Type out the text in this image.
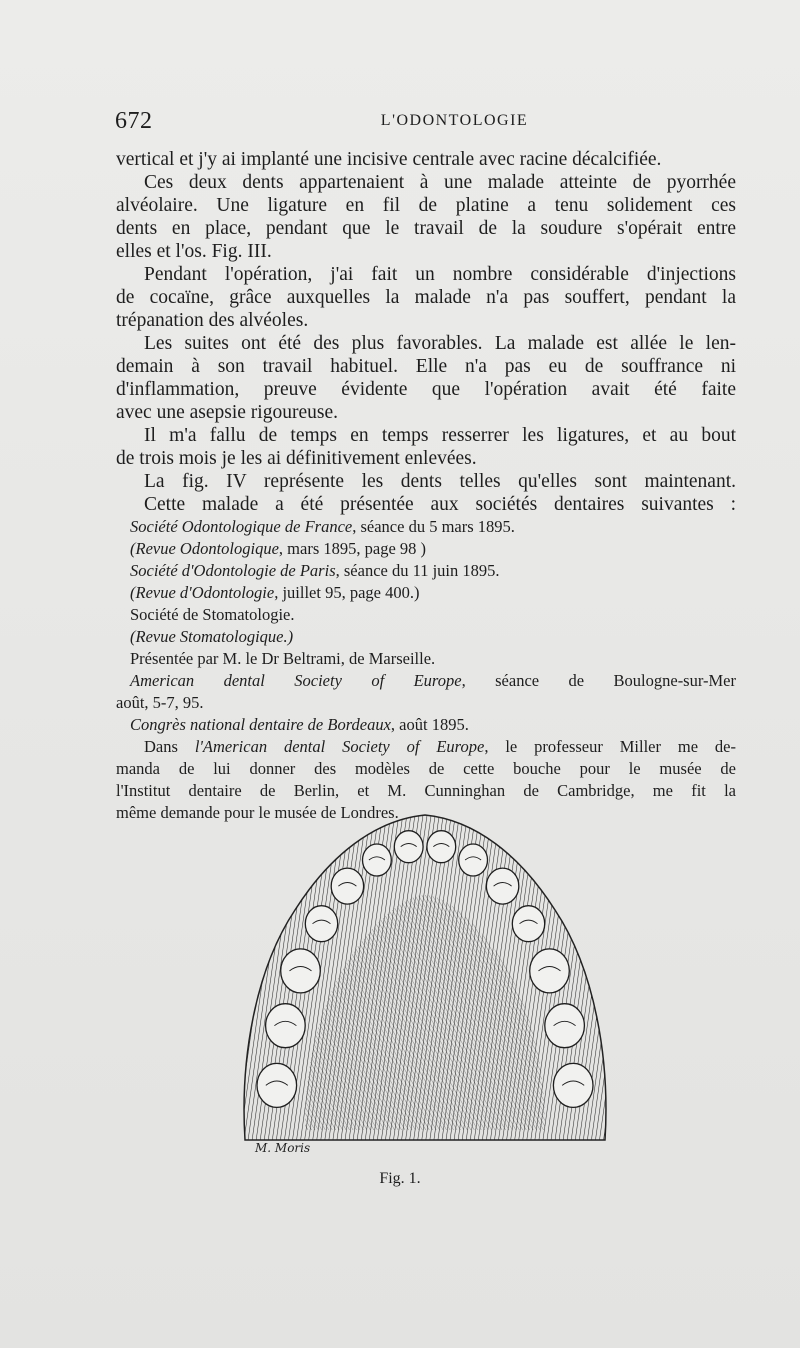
672	L'ODONTOLOGIE
vertical et j'y ai implanté une incisive centrale avec racine décalcifiée.
Ces deux dents appartenaient à une malade atteinte de pyorrhée
alvéolaire. Une ligature en fil de platine a tenu solidement ces
dents en place, pendant que le travail de la soudure s'opérait entre
elles et l'os. Fig. III.
Pendant l'opération, j'ai fait un nombre considérable d'injections
de cocaïne, grâce auxquelles la malade n'a pas souffert, pendant la
trépanation des alvéoles.
Les suites ont été des plus favorables. La malade est allée le len-
demain à son travail habituel. Elle n'a pas eu de souffrance ni
d'inflammation, preuve évidente que l'opération avait été faite
avec une asepsie rigoureuse.
Il m'a fallu de temps en temps resserrer les ligatures, et au bout
de trois mois je les ai définitivement enlevées.
La fig. IV représente les dents telles qu'elles sont maintenant.
Cette malade a été présentée aux sociétés dentaires suivantes :
Société Odontologique de France, séance du 5 mars 1895.
(Revue Odontologique, mars 1895, page 98 )
Société d'Odontologie de Paris, séance du 11 juin 1895.
(Revue d'Odontologie, juillet 95, page 400.)
Société de Stomatologie.
(Revue Stomatologique.)
Présentée par M. le Dr Beltrami, de Marseille.
American dental Society of Europe, séance de Boulogne-sur-Mer
août, 5-7, 95.
Congrès national dentaire de Bordeaux, août 1895.
Dans l'American dental Society of Europe, le professeur Miller me de-
manda de lui donner des modèles de cette bouche pour le musée de
l'Institut dentaire de Berlin, et M. Cunninghan de Cambridge, me fit la
même demande pour le musée de Londres.
M. Moris
Fig. 1.
